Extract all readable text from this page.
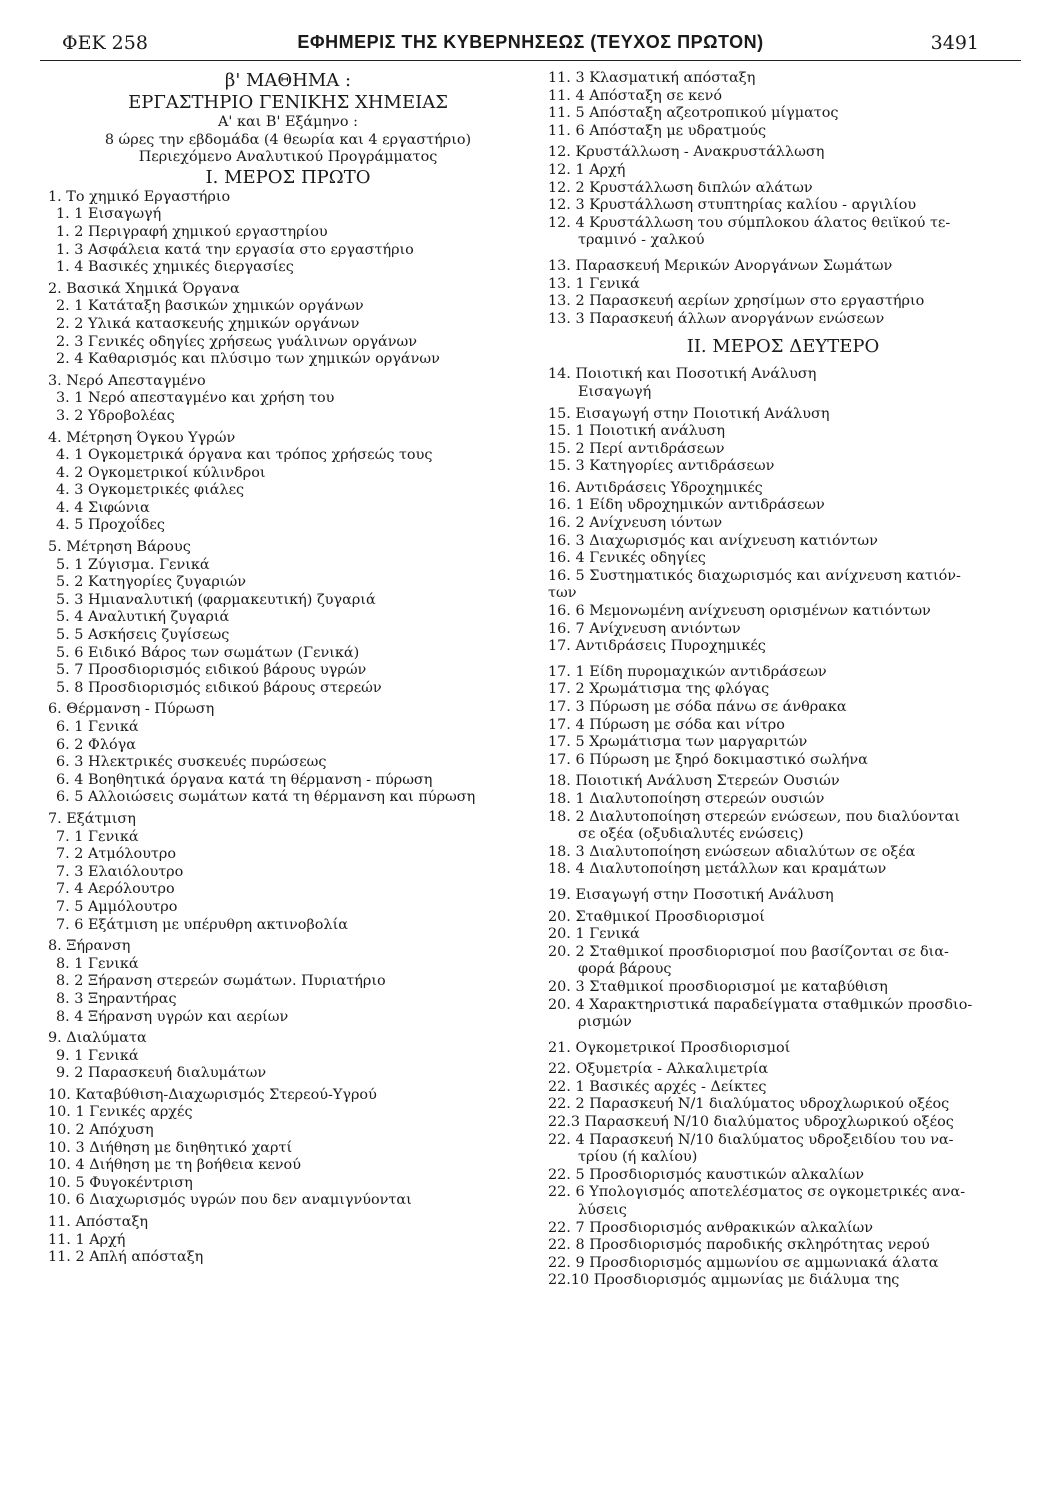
ΦΕΚ 258	ΕΦΗΜΕΡΙΣ ΤΗΣ ΚΥΒΕΡΝΗΣΕΩΣ (ΤΕΥΧΟΣ ΠΡΩΤΟΝ)	3491
β' ΜΑΘΗΜΑ :
ΕΡΓΑΣΤΗΡΙΟ ΓΕΝΙΚΗΣ ΧΗΜΕΙΑΣ
Α' και Β' Εξάμηνο :
8 ώρες την εβδομάδα (4 θεωρία και 4 εργαστήριο)
Περιεχόμενο Αναλυτικού Προγράμματος
Ι. ΜΕΡΟΣ ΠΡΩΤΟ
1. Το χημικό Εργαστήριο
1. 1 Εισαγωγή
1. 2 Περιγραφή χημικού εργαστηρίου
1. 3 Ασφάλεια κατά την εργασία στο εργαστήριο
1. 4 Βασικές χημικές διεργασίες
2. Βασικά Χημικά Όργανα
2. 1 Κατάταξη βασικών χημικών οργάνων
2. 2 Υλικά κατασκευής χημικών οργάνων
2. 3 Γενικές οδηγίες χρήσεως γυάλινων οργάνων
2. 4 Καθαρισμός και πλύσιμο των χημικών οργάνων
3. Νερό Απεσταγμένο
3. 1 Νερό απεσταγμένο και χρήση του
3. 2 Υδροβολέας
4. Μέτρηση Όγκου Υγρών
4. 1 Ογκομετρικά όργανα και τρόπος χρήσεώς τους
4. 2 Ογκομετρικοί κύλινδροι
4. 3 Ογκομετρικές φιάλες
4. 4 Σιφώνια
4. 5 Προχοΐδες
5. Μέτρηση Βάρους
5. 1 Ζύγισμα. Γενικά
5. 2 Κατηγορίες ζυγαριών
5. 3 Ημιαναλυτική (φαρμακευτική) ζυγαριά
5. 4 Αναλυτική ζυγαριά
5. 5 Ασκήσεις ζυγίσεως
5. 6 Ειδικό Βάρος των σωμάτων (Γενικά)
5. 7 Προσδιορισμός ειδικού βάρους υγρών
5. 8 Προσδιορισμός ειδικού βάρους στερεών
6. Θέρμανση - Πύρωση
6. 1 Γενικά
6. 2 Φλόγα
6. 3 Ηλεκτρικές συσκευές πυρώσεως
6. 4 Βοηθητικά όργανα κατά τη θέρμανση - πύρωση
6. 5 Αλλοιώσεις σωμάτων κατά τη θέρμανση και πύρωση
7. Εξάτμιση
7. 1 Γενικά
7. 2 Ατμόλουτρο
7. 3 Ελαιόλουτρο
7. 4 Αερόλουτρο
7. 5 Αμμόλουτρο
7. 6 Εξάτμιση με υπέρυθρη ακτινοβολία
8. Ξήρανση
8. 1 Γενικά
8. 2 Ξήρανση στερεών σωμάτων. Πυριατήριο
8. 3 Ξηραντήρας
8. 4 Ξήρανση υγρών και αερίων
9. Διαλύματα
9. 1 Γενικά
9. 2 Παρασκευή διαλυμάτων
10. Καταβύθιση-Διαχωρισμός Στερεού-Υγρού
10. 1 Γενικές αρχές
10. 2 Απόχυση
10. 3 Διήθηση με διηθητικό χαρτί
10. 4 Διήθηση με τη βοήθεια κενού
10. 5 Φυγοκέντριση
10. 6 Διαχωρισμός υγρών που δεν αναμιγνύονται
11. Απόσταξη
11. 1 Αρχή
11. 2 Απλή απόσταξη
11. 3 Κλασματική απόσταξη
11. 4 Απόσταξη σε κενό
11. 5 Απόσταξη αζεοτροπικού μίγματος
11. 6 Απόσταξη με υδρατμούς
12. Κρυστάλλωση - Ανακρυστάλλωση
12. 1 Αρχή
12. 2 Κρυστάλλωση διπλών αλάτων
12. 3 Κρυστάλλωση στυπτηρίας καλίου - αργιλίου
12. 4 Κρυστάλλωση του σύμπλοκου άλατος θειϊκού τε-
τραμινό - χαλκού
13. Παρασκευή Μερικών Ανοργάνων Σωμάτων
13. 1 Γενικά
13. 2 Παρασκευή αερίων χρησίμων στο εργαστήριο
13. 3 Παρασκευή άλλων ανοργάνων ενώσεων
ΙΙ. ΜΕΡΟΣ ΔΕΥΤΕΡΟ
14. Ποιοτική και Ποσοτική Ανάλυση
Εισαγωγή
15. Εισαγωγή στην Ποιοτική Ανάλυση
15. 1 Ποιοτική ανάλυση
15. 2 Περί αντιδράσεων
15. 3 Κατηγορίες αντιδράσεων
16. Αντιδράσεις Υδροχημικές
16. 1 Είδη υδροχημικών αντιδράσεων
16. 2 Ανίχνευση ιόντων
16. 3 Διαχωρισμός και ανίχνευση κατιόντων
16. 4 Γενικές οδηγίες
16. 5 Συστηματικός διαχωρισμός και ανίχνευση κατιόν-
των
16. 6 Μεμονωμένη ανίχνευση ορισμένων κατιόντων
16. 7 Ανίχνευση ανιόντων
17. Αντιδράσεις Πυροχημικές
17. 1 Είδη πυρομαχικών αντιδράσεων
17. 2 Χρωμάτισμα της φλόγας
17. 3 Πύρωση με σόδα πάνω σε άνθρακα
17. 4 Πύρωση με σόδα και νίτρο
17. 5 Χρωμάτισμα των μαργαριτών
17. 6 Πύρωση με ξηρό δοκιμαστικό σωλήνα
18. Ποιοτική Ανάλυση Στερεών Ουσιών
18. 1 Διαλυτοποίηση στερεών ουσιών
18. 2 Διαλυτοποίηση στερεών ενώσεων, που διαλύονται
σε οξέα (οξυδιαλυτές ενώσεις)
18. 3 Διαλυτοποίηση ενώσεων αδιαλύτων σε οξέα
18. 4 Διαλυτοποίηση μετάλλων και κραμάτων
19. Εισαγωγή στην Ποσοτική Ανάλυση
20. Σταθμικοί Προσδιορισμοί
20. 1 Γενικά
20. 2 Σταθμικοί προσδιορισμοί που βασίζονται σε δια-
φορά βάρους
20. 3 Σταθμικοί προσδιορισμοί με καταβύθιση
20. 4 Χαρακτηριστικά παραδείγματα σταθμικών προσδιο-
ρισμών
21. Ογκομετρικοί Προσδιορισμοί
22. Οξυμετρία - Αλκαλιμετρία
22. 1 Βασικές αρχές - Δείκτες
22. 2 Παρασκευή Ν/1 διαλύματος υδροχλωρικού οξέος
22.3 Παρασκευή Ν/10 διαλύματος υδροχλωρικού οξέος
22. 4 Παρασκευή Ν/10 διαλύματος υδροξειδίου του να-
τρίου (ή καλίου)
22. 5 Προσδιορισμός καυστικών αλκαλίων
22. 6 Υπολογισμός αποτελέσματος σε ογκομετρικές ανα-
λύσεις
22. 7 Προσδιορισμός ανθρακικών αλκαλίων
22. 8 Προσδιορισμός παροδικής σκληρότητας νερού
22. 9 Προσδιορισμός αμμωνίου σε αμμωνιακά άλατα
22.10 Προσδιορισμός αμμωνίας με διάλυμα της
